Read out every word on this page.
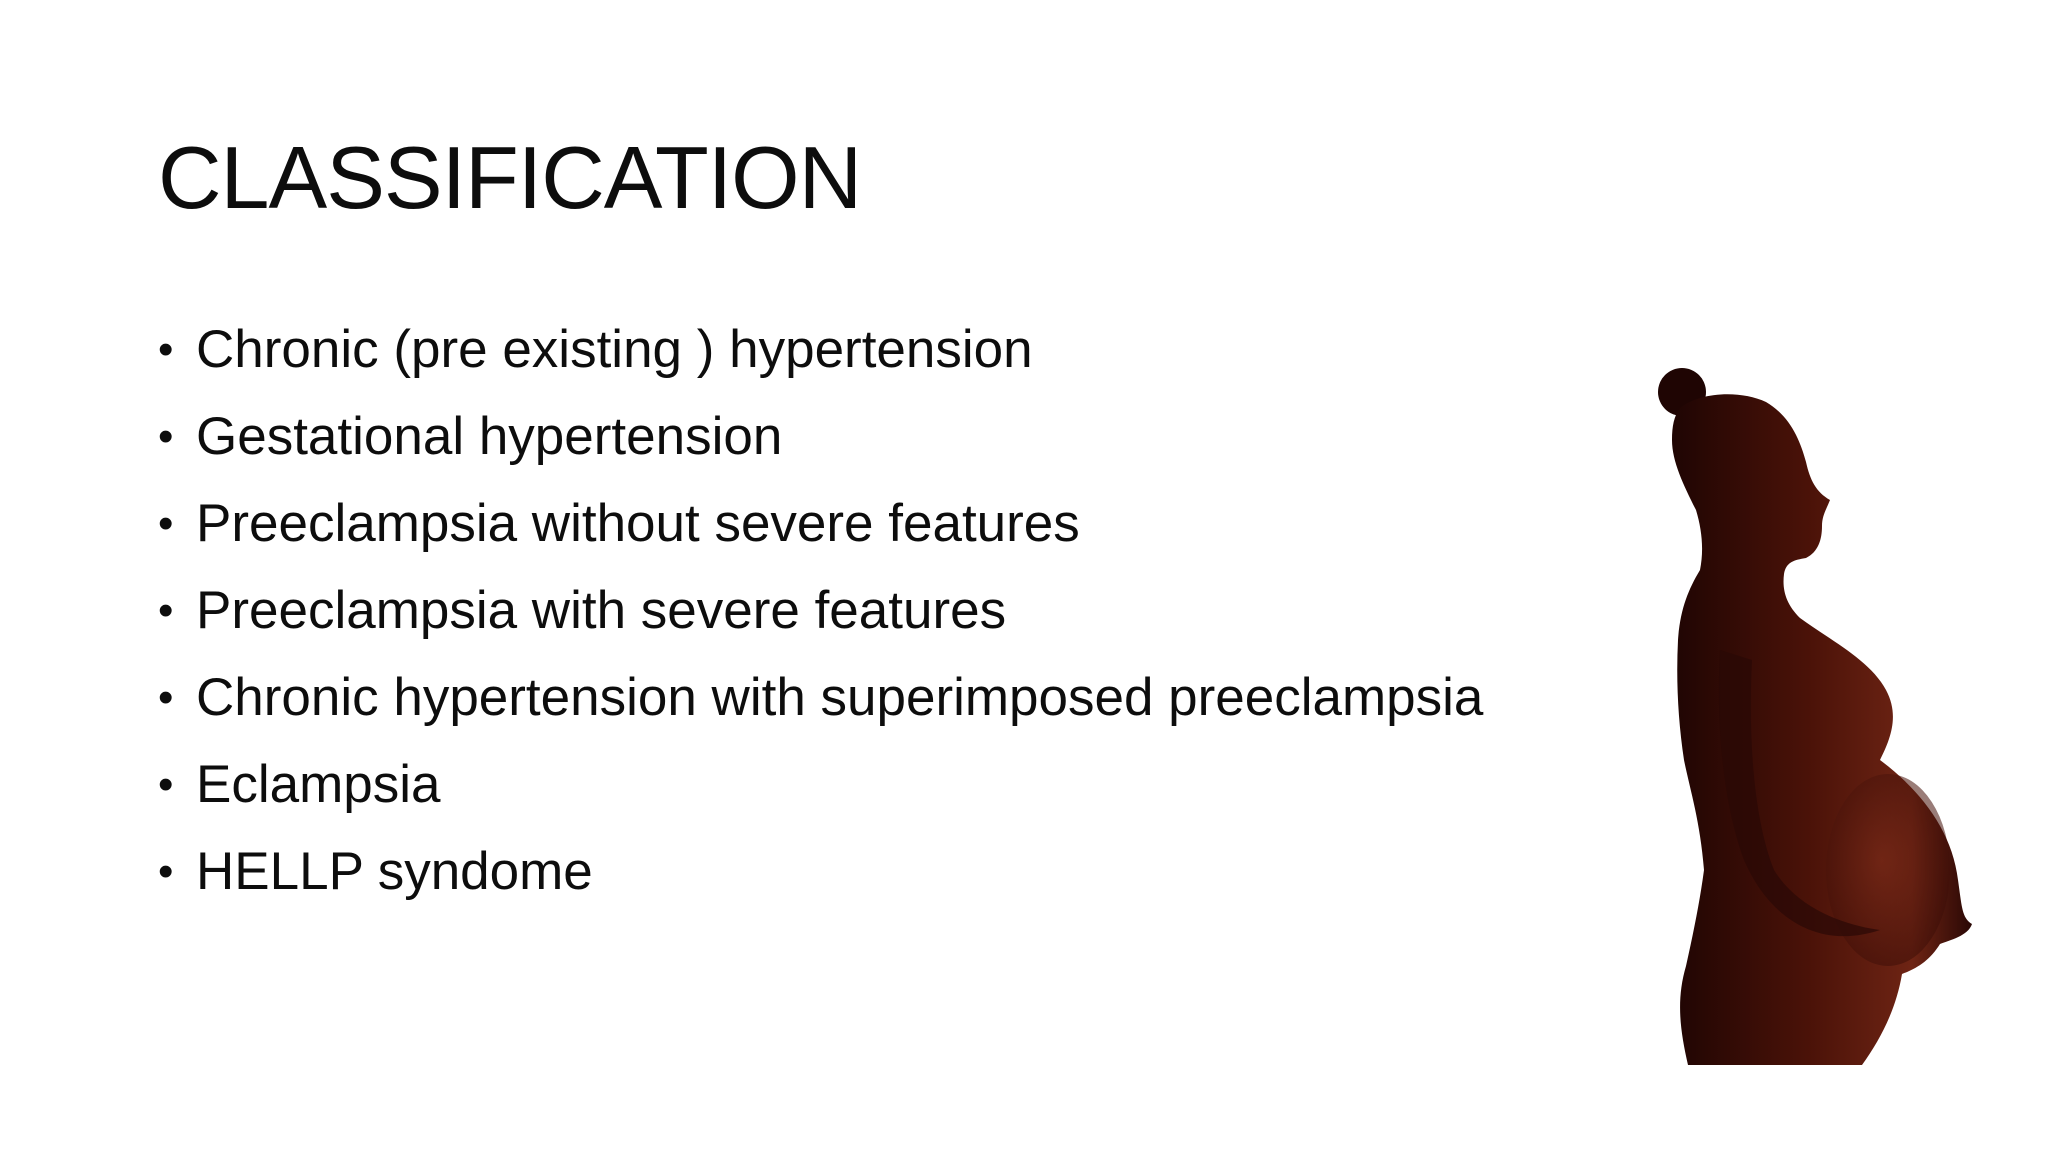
CLASSIFICATION
• Chronic (pre existing ) hypertension
• Gestational hypertension
• Preeclampsia without severe features
• Preeclampsia with severe features
• Chronic hypertension with superimposed preeclampsia
• Eclampsia
• HELLP syndome
